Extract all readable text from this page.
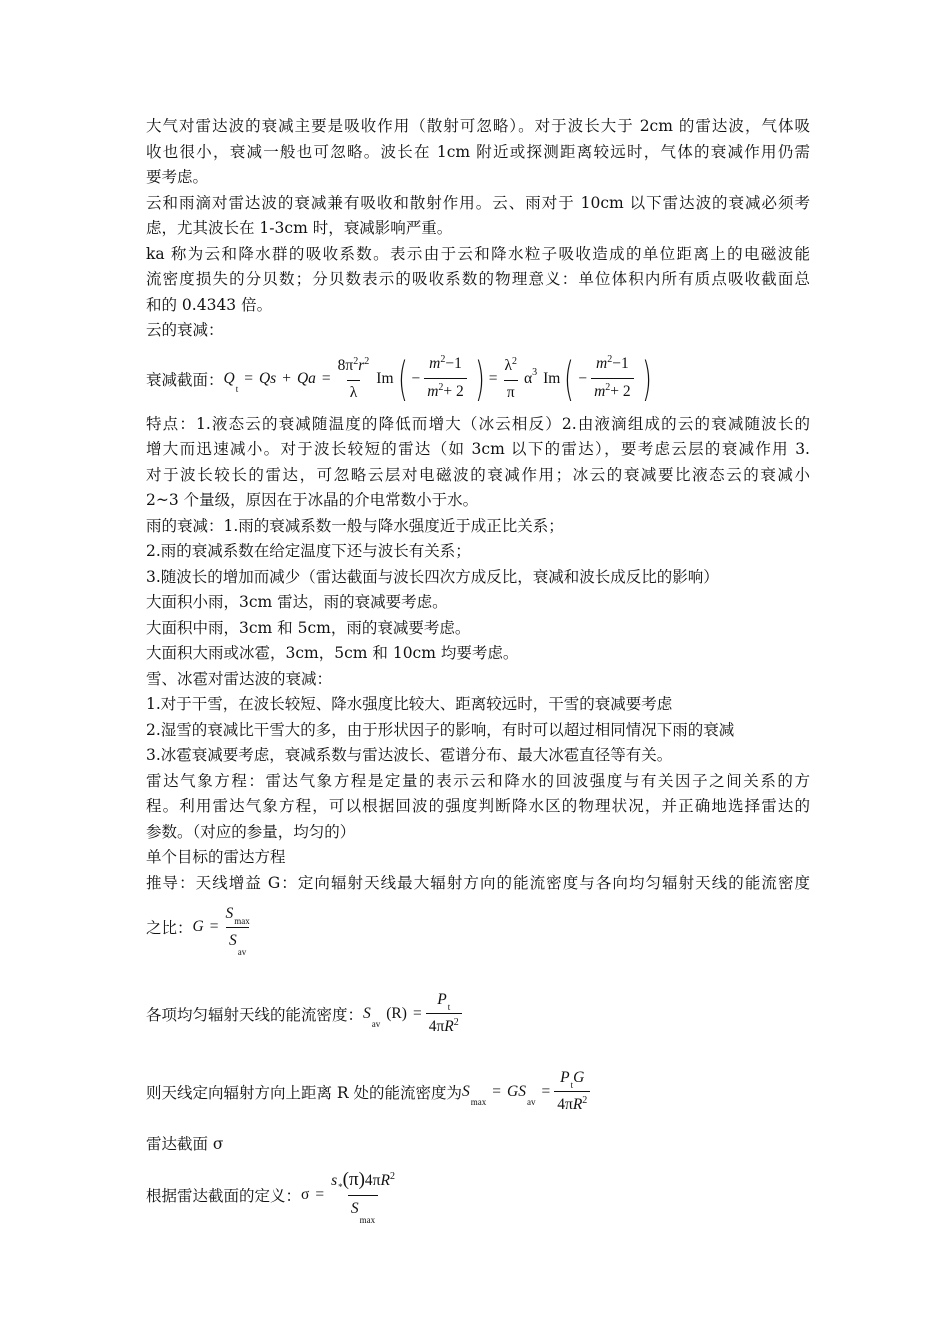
大气对雷达波的衰减主要是吸收作用（散射可忽略）。对于波长大于 2cm 的雷达波，气体吸
收也很小，衰减一般也可忽略。波长在 1cm 附近或探测距离较远时，气体的衰减作用仍需
要考虑。
云和雨滴对雷达波的衰减兼有吸收和散射作用。云、雨对于 10cm 以下雷达波的衰减必须考
虑，尤其波长在 1-3cm 时，衰减影响严重。
ka 称为云和降水群的吸收系数。表示由于云和降水粒子吸收造成的单位距离上的电磁波能
流密度损失的分贝数；分贝数表示的吸收系数的物理意义：单位体积内所有质点吸收截面总
和的 0.4343 倍。
云的衰减：
衰减截面： Q
t
= $Qs + Qa = \frac{8\pi^2r^2}{\lambda}$ Im ( − $\frac{m^2-1}{m^2+ 2}$ ) = $\frac{\lambda^2}{\pi}$ α 3 Im ( − $\frac{m^2-1}{m^2+ 2}$ )
特点：1.液态云的衰减随温度的降低而增大（冰云相反）2.由液滴组成的云的衰减随波长的
增大而迅速减小。对于波长较短的雷达（如 3cm 以下的雷达），要考虑云层的衰减作用 3.
对于波长较长的雷达，可忽略云层对电磁波的衰减作用；冰云的衰减要比液态云的衰减小
2~3 个量级，原因在于冰晶的介电常数小于水。
雨的衰减：1.雨的衰减系数一般与降水强度近于成正比关系；
2.雨的衰减系数在给定温度下还与波长有关系；
3.随波长的增加而减少（雷达截面与波长四次方成反比，衰减和波长成反比的影响）
大面积小雨，3cm 雷达，雨的衰减要考虑。
大面积中雨，3cm 和 5cm，雨的衰减要考虑。
大面积大雨或冰雹，3cm，5cm 和 10cm 均要考虑。
雪、冰雹对雷达波的衰减：
1.对于干雪，在波长较短、降水强度比较大、距离较远时，干雪的衰减要考虑
2.湿雪的衰减比干雪大的多，由于形状因子的影响，有时可以超过相同情况下雨的衰减
3.冰雹衰减要考虑，衰减系数与雷达波长、雹谱分布、最大冰雹直径等有关。
雷达气象方程：雷达气象方程是定量的表示云和降水的回波强度与有关因子之间关系的方
程。利用雷达气象方程，可以根据回波的强度判断降水区的物理状况，并正确地选择雷达的
参数。（对应的参量，均匀的）
单个目标的雷达方程
推导：天线增益 G：定向辐射天线最大辐射方向的能流密度与各向均匀辐射天线的能流密度
之比： $G = \frac{S_{max}}{S_{av}}$
各项均匀辐射天线的能流密度： S
av
$(R) = \frac{P_t}{4\pi R^2}$
则天线定向辐射方向上距离 R 处的能流密度为 S
max
= GS
av
= $\frac{P_tG}{4\pi R^2}$
雷达截面 σ
根据雷达截面的定义： $\sigma = \frac{s_*(\pi)4\pi R^2}{S_{max}}$
